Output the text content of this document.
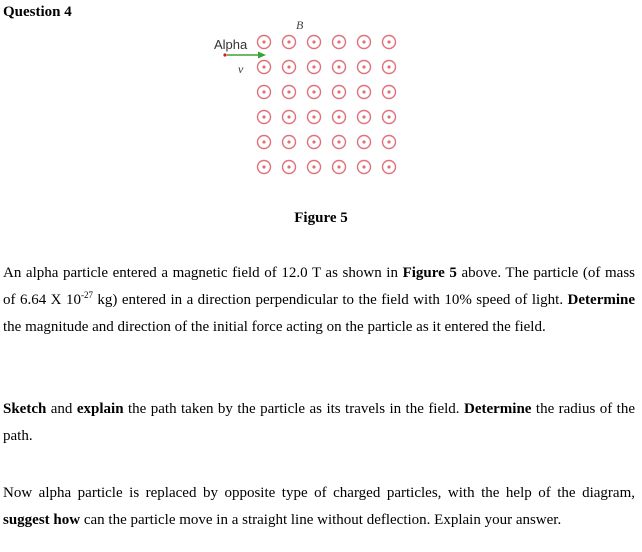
Question 4
B
Alpha
v⃗
Figure 5

An alpha particle entered a magnetic field of 12.0 T as shown in Figure 5 above. The particle (of mass of 6.64 X $10^{-27}$ kg) entered in a direction perpendicular to the field with 10% speed of light. Determine the magnitude and direction of the initial force acting on the particle as it entered the field.

Sketch and explain the path taken by the particle as its travels in the field. Determine the radius of the path.

Now alpha particle is replaced by opposite type of charged particles, with the help of the diagram, suggest how can the particle move in a straight line without deflection. Explain your answer.
